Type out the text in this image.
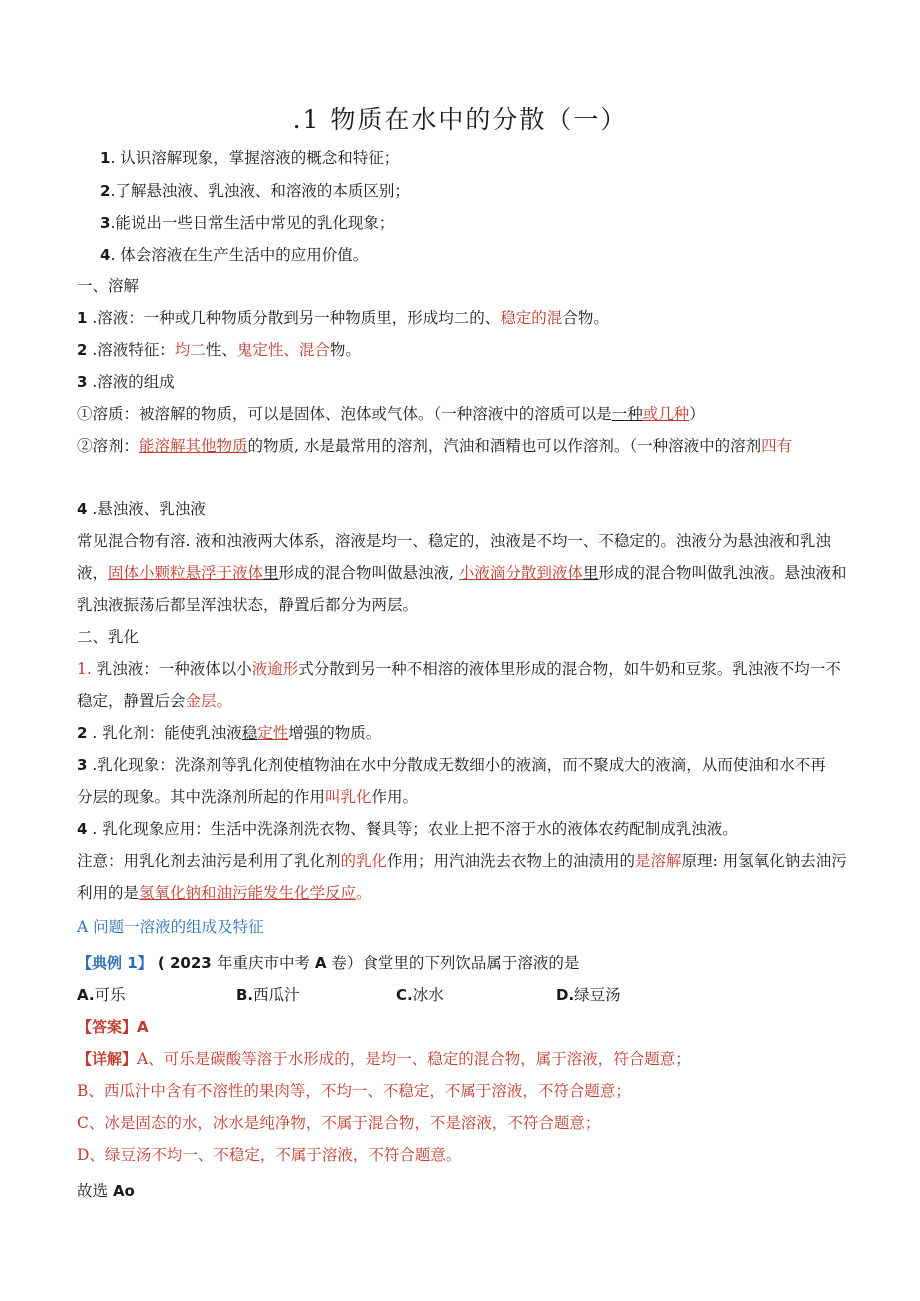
.1 物质在水中的分散（一）
1. 认识溶解现象，掌握溶液的概念和特征；
2.了解悬浊液、乳浊液、和溶液的本质区别；
3.能说出一些日常生活中常见的乳化现象；
4. 体会溶液在生产生活中的应用价值。
一、溶解
1 .溶液：一种或几种物质分散到另一种物质里，形成均二的、稳定的混合物。
2 .溶液特征：均二性、鬼定性、混合物。
3 .溶液的组成
①溶质：被溶解的物质，可以是固体、泡体或气体。（一种溶液中的溶质可以是一种或几种）
②溶剂：能溶解其他物质的物质, 水是最常用的溶剂，汽油和酒精也可以作溶剂。（一种溶液中的溶剂四有
4 .悬浊液、乳浊液
常见混合物有溶. 液和浊液两大体系，溶液是均一、稳定的，浊液是不均一、不稳定的。浊液分为悬浊液和乳浊
液，固体小颗粒悬浮于液体里形成的混合物叫做悬浊液, 小液滴分散到液体里形成的混合物叫做乳浊液。悬浊液和
乳浊液振荡后都呈浑浊状态，静置后都分为两层。
二、乳化
1. 乳浊液：一种液体以小液逾形式分散到另一种不相溶的液体里形成的混合物，如牛奶和豆浆。乳浊液不均一不
稳定，静置后会金层。
2 . 乳化剂：能使乳浊液稳定性增强的物质。
3 .乳化现象：洗涤剂等乳化剂使植物油在水中分散成无数细小的液滴，而不聚成大的液滴，从而使油和水不再
分层的现象。其中洗涤剂所起的作用叫乳化作用。
4 . 乳化现象应用：生活中洗涤剂洗衣物、餐具等；农业上把不溶于水的液体农药配制成乳浊液。
注意：用乳化剂去油污是利用了乳化剂的乳化作用；用汽油洗去衣物上的油渍用的是溶解原理: 用氢氧化钠去油污
利用的是氢氧化钠和油污能发生化学反应。
A 问题一溶液的组成及特征
【典例 1】 ( 2023 年重庆市中考 A 卷）食堂里的下列饮品属于溶液的是
A.可乐	B.西瓜汁	C.冰水	D.绿豆汤
【答案】A
【详解】A、可乐是碳酸等溶于水形成的，是均一、稳定的混合物，属于溶液，符合题意；
B、西瓜汁中含有不溶性的果肉等，不均一、不稳定，不属于溶液，不符合题意；
C、冰是固态的水，冰水是纯净物，不属于混合物，不是溶液，不符合题意；
D、绿豆汤不均一、不稳定，不属于溶液，不符合题意。
故选 Ao
